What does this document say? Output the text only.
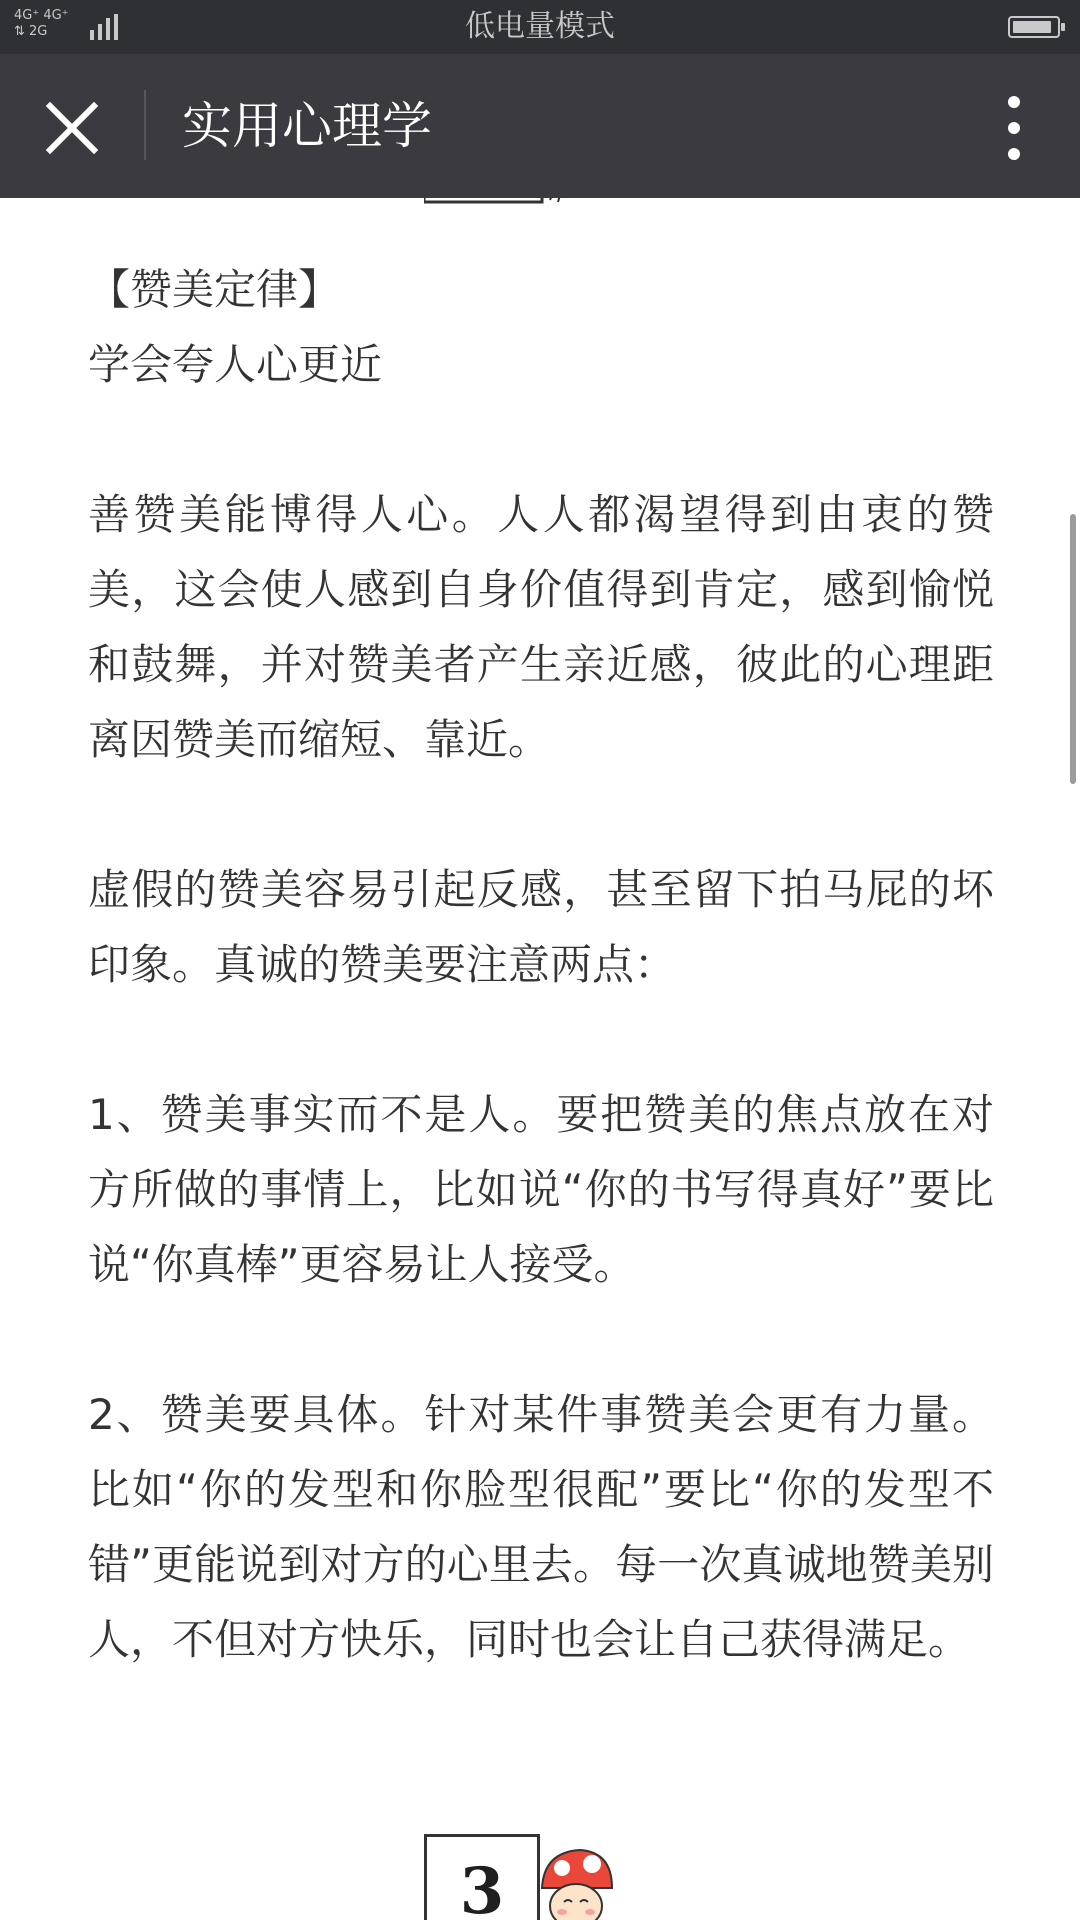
4G⁺ 4G⁺
⇅ 2G	低电量模式
实用心理学

【赞美定律】

学会夸人心更近

善赞美能博得人心。人人都渴望得到由衷的赞美，这会使人感到自身价值得到肯定，感到愉悦和鼓舞，并对赞美者产生亲近感，彼此的心理距离因赞美而缩短、靠近。

虚假的赞美容易引起反感，甚至留下拍马屁的坏印象。真诚的赞美要注意两点：

1、赞美事实而不是人。要把赞美的焦点放在对方所做的事情上，比如说“你的书写得真好”要比说“你真棒”更容易让人接受。

2、赞美要具体。针对某件事赞美会更有力量。比如“你的发型和你脸型很配”要比“你的发型不错”更能说到对方的心里去。每一次真诚地赞美别人，不但对方快乐，同时也会让自己获得满足。

3
